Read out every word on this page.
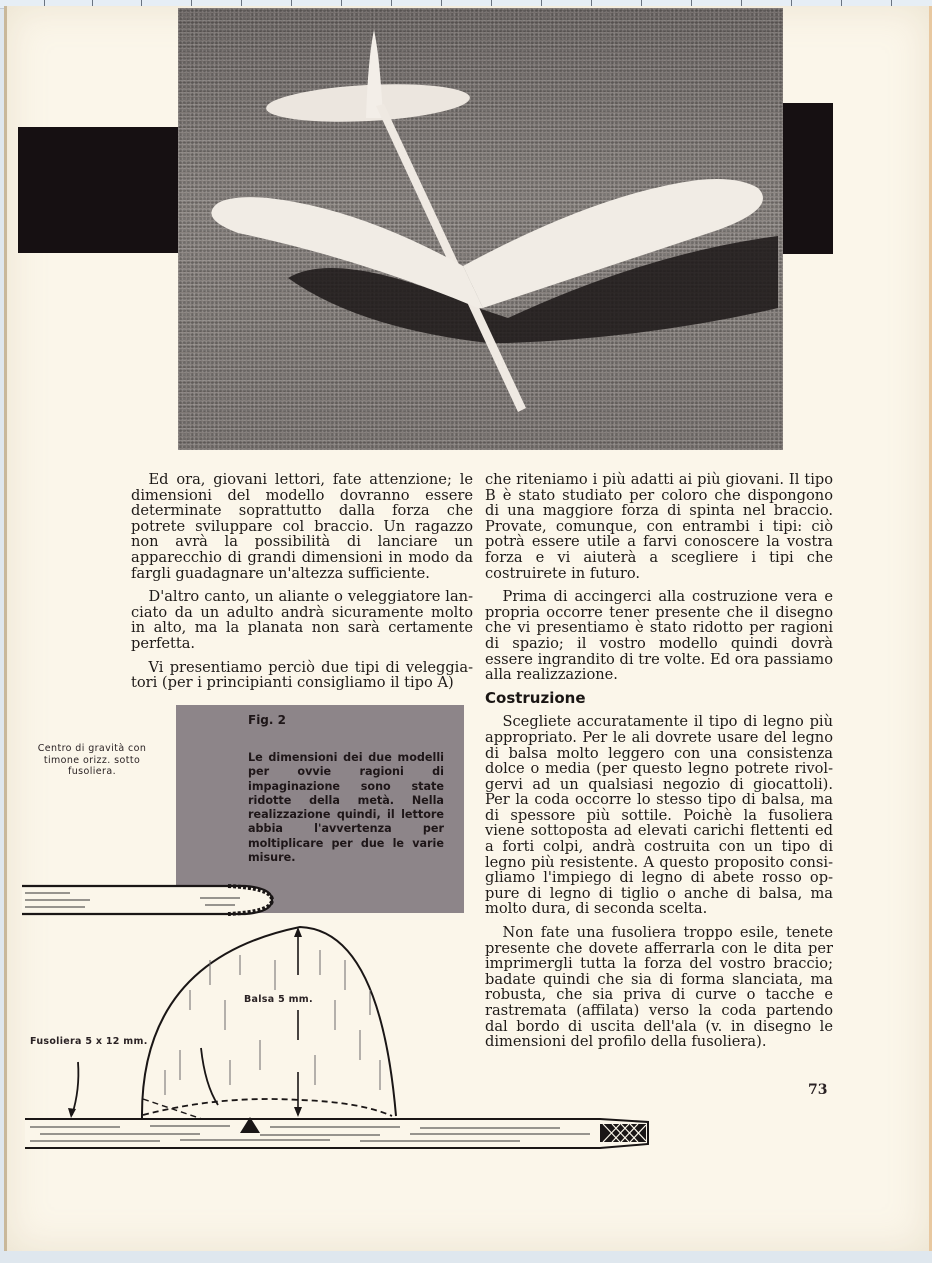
Ed ora, giovani lettori, fate attenzione; le dimensioni del modello dovranno essere determinate soprattutto dalla forza che potrete sviluppare col braccio. Un ragazzo non avrà la possibilità di lanciare un apparecchio di grandi dimensioni in modo da fargli guadagnare un'altezza sufficiente.

D'altro canto, un aliante o veleggiatore lanciato da un adulto andrà sicuramente molto in alto, ma la planata non sarà certamente perfetta.

Vi presentiamo perciò due tipi di veleggiatori (per i principianti consigliamo il tipo A)

che riteniamo i più adatti ai più giovani. Il tipo B è stato studiato per coloro che dispongono di una maggiore forza di spinta nel braccio. Provate, comunque, con entrambi i tipi: ciò potrà essere utile a farvi conoscere la vostra forza e vi aiuterà a scegliere i tipi che costruirete in futuro.

Prima di accingerci alla costruzione vera e propria occorre tener presente che il disegno che vi presentiamo è stato ridotto per ragioni di spazio; il vostro modello quindi dovrà essere ingrandito di tre volte. Ed ora passiamo alla realizzazione.

Costruzione

Scegliete accuratamente il tipo di legno più appropriato. Per le ali dovrete usare del legno di balsa molto leggero con una consistenza dolce o media (per questo legno potrete rivolgervi ad un qualsiasi negozio di giocattoli). Per la coda occorre lo stesso tipo di balsa, ma di spessore più sottile. Poichè la fusoliera viene sottoposta ad elevati carichi flettenti ed a forti colpi, andrà costruita con un tipo di legno più resistente. A questo proposito consigliamo l'impiego di legno di abete rosso oppure di legno di tiglio o anche di balsa, ma molto dura, di seconda scelta.

Non fate una fusoliera troppo esile, tenete presente che dovete afferrarla con le dita per imprimergli tutta la forza del vostro braccio; badate quindi che sia di forma slanciata, ma robusta, che sia priva di curve o tacche e rastremata (affilata) verso la coda partendo dal bordo di uscita dell'ala (v. in disegno le dimensioni del profilo della fusoliera).

Fig. 2
Le dimensioni dei due modelli per ovvie ragioni di impaginazione sono state ridotte della metà. Nella realizzazione quindi, il lettore abbia l'avvertenza per moltiplicare per due le varie misure.
Centro di gravità con timone orizz. sotto fusoliera.
Balsa 5 mm.
Fusoliera 5 x 12 mm.
73
